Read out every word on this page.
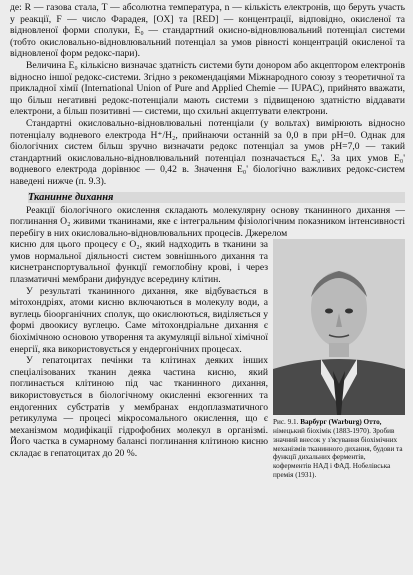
де: R — газова стала, T — абсолютна температура, n — кількість електронів, що беруть участь у реакції, F — число Фарадея, [OX] та [RED] — концентрації, відповідно, окисленої та відновленої форми сполуки, E₀ — стандартний окисно-відновлювальний потенціал системи (тобто окисловально-відновлювальний потенціал за умов рівності концентрацій окисленої та відновленої форм редокс-пари).

Величина E₀ кількісно визначає здатність системи бути донором або акцептором електронів відносно іншої редокс-системи. Згідно з рекомендаціями Міжнародного союзу з теоретичної та прикладної хімії (International Union of Pure and Applied Chemie — IUPAC), прийнято вважати, що більш негативні редокс-потенціали мають системи з підвищеною здатністю віддавати електрони, а більш позитивні — системи, що схильні акцептувати електрони.

Стандартні окисловально-відновлювальні потенціали (у вольтах) вимірюють відносно потенціалу водневого електрода H⁺/H₂, прийнаючи останній за 0,0 в при pH=0. Однак для біологічних систем більш зручно визначати редокс потенціал за умов pH=7,0 — такий стандартний окисловально-відновлювальний потенціал позначається E₀'. За цих умов E₀' водневого електрода дорівнює — 0,42 в. Значення E₀' біологічно важливих редокс-систем наведені нижче (п. 9.3).

Тканинне дихання

Реакції біологічного окислення складають молекулярну основу тканинного дихання — поглинання O₂ живими тканинами, яке є інтегральним фізіологічним показником інтенсивності перебігу в них окисловально-відновлювальних процесів. Джерелом

Рис. 9.1. Варбург (Warburg) Отто, німецький біохімік (1883-1970). Зробив значний внесок у з'ясування біохімічних механізмів тканинного дихання, будови та функції дихальних ферментів, коферментів НАД і ФАД. Нобелівська премія (1931).

кисню для цього процесу є O₂, який надходить в тканини за умов нормальної діяльності систем зовнішнього дихання та киснетранспортувальної функції гемоглобіну крові, і через плазматичні мембрани дифундує всередину клітин.

У результаті тканинного дихання, яке відбувається в мітохондріях, атоми кисню включаються в молекулу води, а вуглець біоорганічних сполук, що окислюються, виділяється у формі двоокису вуглецю. Саме мітохондріальне дихання є біохімічною основою утворення та акумуляції вільної хімічної енергії, яка використовується у ендергонічних процесах.

У гепатоцитах печінки та клітинах деяких інших спеціалізованих тканин деяка частина кисню, який поглинається клітиною під час тканинного дихання, використовується в біологічному окисленні екзогенних та ендогенних субстратів у мембранах ендоплазматичного ретикулума — процесі мікросомального окислення, що є механізмом модифікації гідрофобних молекул в організмі. Його частка в сумарному балансі поглинання клітиною кисню складає в гепатоцитах до 20 %.
